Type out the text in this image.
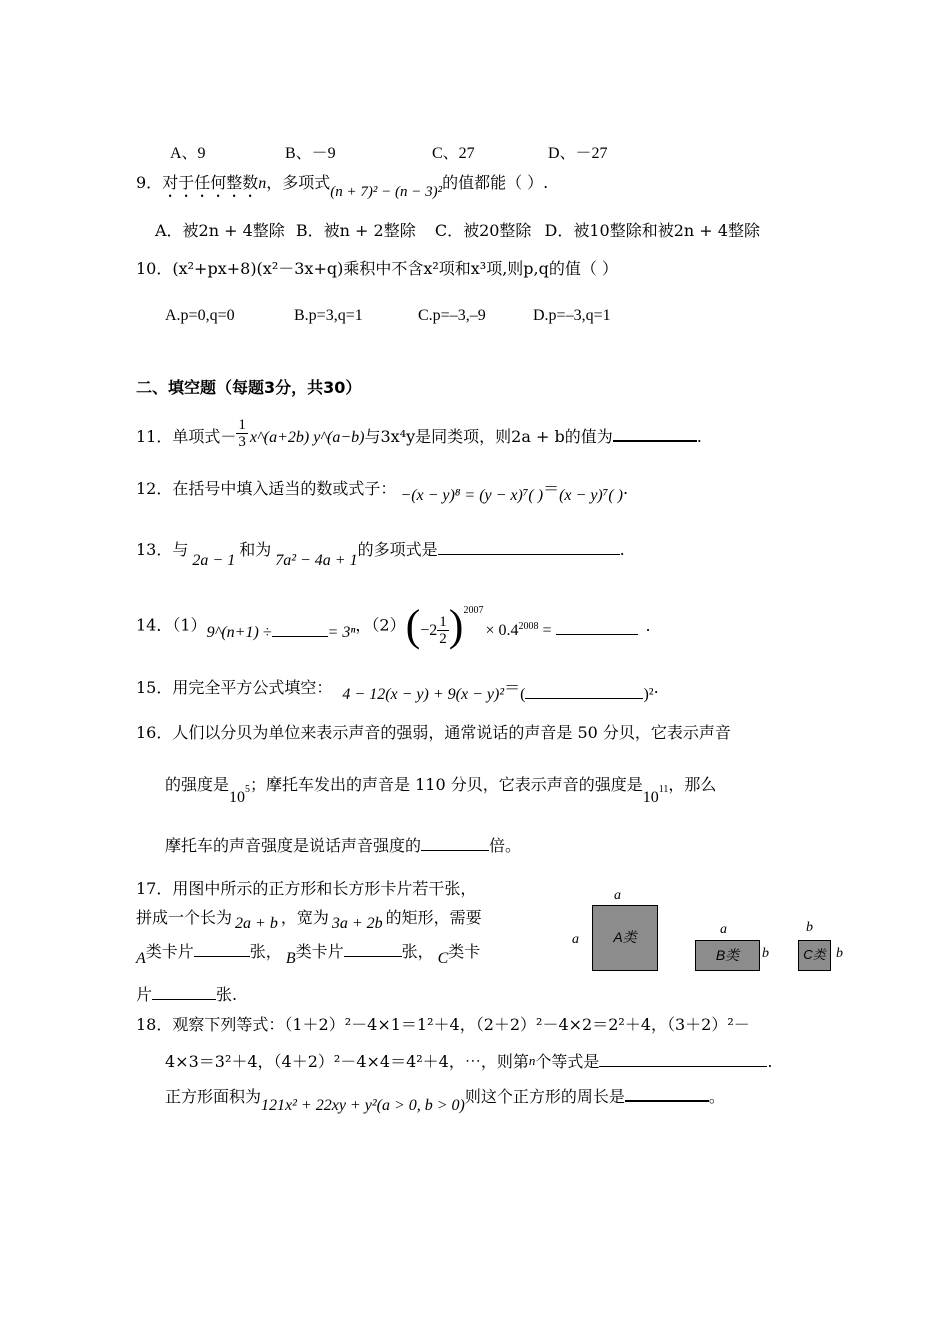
A、9	B、－9	C、27	D、－27
9．对于任何整数n，多项式(n + 7)² − (n − 3)²的值都能（ ）.
A．被2n + 4整除 B．被n + 2整除 C．被20整除 D．被10整除和被2n + 4整除
10．(x²+px+8)(x²－3x+q)乘积中不含x²项和x³项,则p,q的值（ ）
A.p=0,q=0	B.p=3,q=1	C.p=–3,–9	D.p=–3,q=1
二、填空题（每题3分，共30）
11．单项式－ $\frac{1}{3}$ x^(a+2b) y^(a−b)与3x⁴y是同类项，则2a + b的值为	.
12．在括号中填入适当的数或式子： −(x − y)⁸ = (y − x)⁷( )＝(x − y)⁷( ).
13．与2a − 1和为7a² − 4a + 1的多项式是	.
14．（1）9^(n+1) ÷	= 3ⁿ，$(2)(-2 \frac{1}{2} )^{2007}\times 0.42008$ =	.
15．用完全平方公式填空： 4 − 12(x − y) + 9(x − y)²＝(	)².
16．人们以分贝为单位来表示声音的强弱，通常说话的声音是 50 分贝，它表示声音
的强度是105；摩托车发出的声音是 110 分贝，它表示声音的强度是1011，那么
摩托车的声音强度是说话声音强度的	倍。
17．用图中所示的正方形和长方形卡片若干张，
拼成一个长为 2a + b ，宽为 3a + 2b 的矩形，需要
A类卡片	张， B类卡片	张， C类卡
片	张.
a
a	A类	a
B类	b
b
C类 b
18．观察下列等式：（1＋2）²－4×1＝1²＋4，（2＋2）²－4×2＝2²＋4，（3＋2）²－
4×3＝3²＋4，（4＋2）²－4×4＝4²＋4，⋯，则第n个等式是	.
正方形面积为121x² + 22xy + y²(a > 0, b > 0)则这个正方形的周长是	。
